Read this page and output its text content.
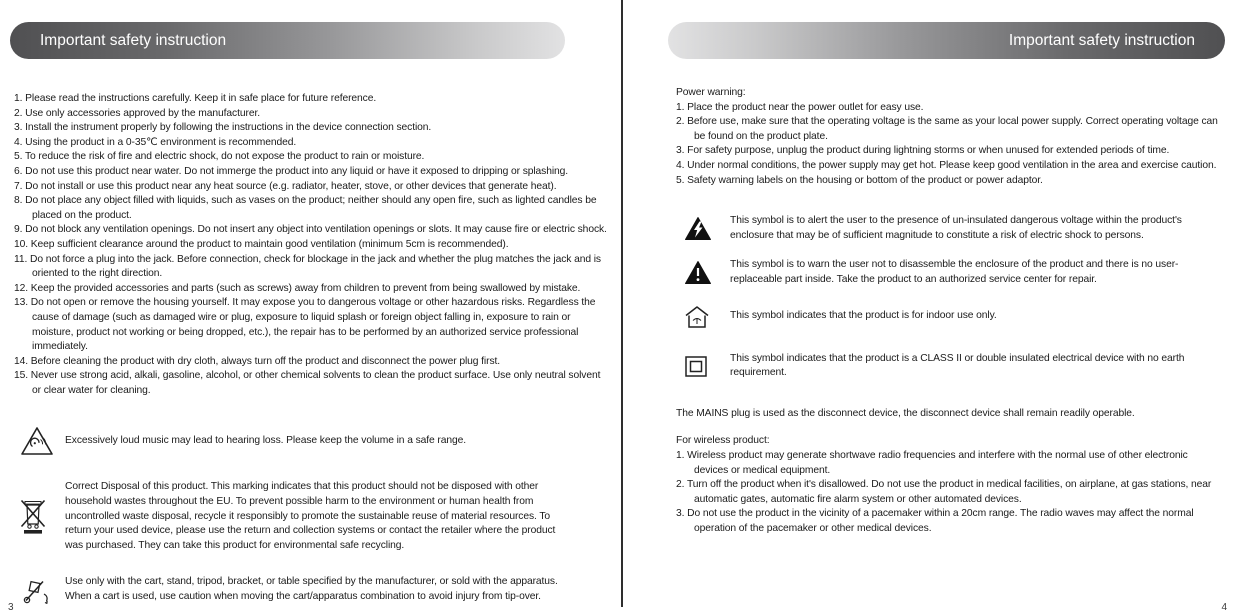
Important safety instruction
1. Please read the instructions carefully. Keep it in safe place for future reference.
2. Use only accessories approved by the manufacturer.
3. Install the instrument properly by following the instructions in the device connection section.
4. Using the product in a 0-35℃ environment is recommended.
5. To reduce the risk of fire and electric shock, do not expose the product to rain or moisture.
6. Do not use this product near water. Do not immerge the product into any liquid or have it exposed to dripping or splashing.
7. Do not install or use this product near any heat source (e.g. radiator, heater, stove, or other devices that generate heat).
8. Do not place any object filled with liquids, such as vases on the product; neither should any open fire, such as lighted candles be placed on the product.
9. Do not block any ventilation openings. Do not insert any object into ventilation openings or slots. It may cause fire or electric shock.
10. Keep sufficient clearance around the product to maintain good ventilation (minimum 5cm is recommended).
11. Do not force a plug into the jack. Before connection, check for blockage in the jack and whether the plug matches the jack and is oriented to the right direction.
12. Keep the provided accessories and parts (such as screws) away from children to prevent from being swallowed by mistake.
13. Do not open or remove the housing yourself. It may expose you to dangerous voltage or other hazardous risks. Regardless the cause of damage (such as damaged wire or plug, exposure to liquid splash or foreign object falling in, exposure to rain or moisture, product not working or being dropped, etc.), the repair has to be performed by an authorized service professional immediately.
14. Before cleaning the product with dry cloth, always turn off the product and disconnect the power plug first.
15. Never use strong acid, alkali, gasoline, alcohol, or other chemical solvents to clean the product surface. Use only neutral solvent or clear water for cleaning.
Excessively loud music may lead to hearing loss. Please keep the volume in a safe range.
Correct Disposal of this product. This marking indicates that this product should not be disposed with other household wastes throughout the EU. To prevent possible harm to the environment or human health from uncontrolled waste disposal, recycle it responsibly to promote the sustainable reuse of material resources. To return your used device, please use the return and collection systems or contact the retailer where the product was purchased. They can take this product for environmental safe recycling.
Use only with the cart, stand, tripod, bracket, or table specified by the manufacturer, or sold with the apparatus. When a cart is used, use caution when moving the cart/apparatus combination to avoid injury from tip-over.
3
Important safety instruction
Power warning:
1. Place the product near the power outlet for easy use.
2. Before use, make sure that the operating voltage is the same as your local power supply. Correct operating voltage can be found on the product plate.
3. For safety purpose, unplug the product during lightning storms or when unused for extended periods of time.
4. Under normal conditions, the power supply may get hot. Please keep good ventilation in the area and exercise caution.
5. Safety warning labels on the housing or bottom of the product or power adaptor.
This symbol is to alert the user to the presence of un-insulated dangerous voltage within the product's enclosure that may be of sufficient magnitude to constitute a risk of electric shock to persons.
This symbol is to warn the user not to disassemble the enclosure of the product and there is no user-replaceable part inside. Take the product to an authorized service center for repair.
This symbol indicates that the product is for indoor use only.
This symbol indicates that the product is a CLASS II or double insulated electrical device with no earth requirement.
The MAINS plug is used as the disconnect device, the disconnect device shall remain readily operable.
For wireless product:
1. Wireless product may generate shortwave radio frequencies and interfere with the normal use of other electronic devices or medical equipment.
2. Turn off the product when it's disallowed. Do not use the product in medical facilities, on airplane, at gas stations, near automatic gates, automatic fire alarm system or other automated devices.
3. Do not use the product in the vicinity of a pacemaker within a 20cm range. The radio waves may affect the normal operation of the pacemaker or other medical devices.
4
